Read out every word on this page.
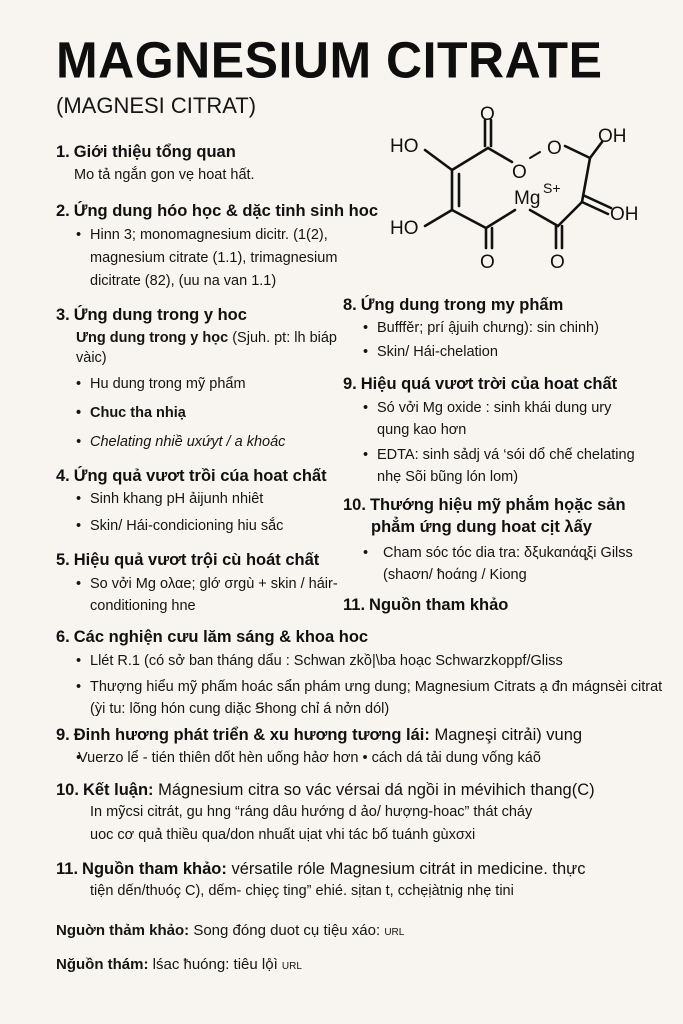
MAGNESIUM CITRATE

(MAGNESI CITRAT)	O
HO
O
O
OH
Mg S+
OH
HO
O	O
1. Giới thiệu tổng quan

Mo tả ngắn gon vẹ hoat hất.

2. Ứng dung hóo học & dặc tinh sinh hoc
• Hinn 3; monomagnesium dicitr. (1(2), magnesium citrate (1.1), trimagnesium dicitrate (82), (uu na van 1.1)
3. Ứng dung trong y hoc

Ưng dung trong y học (Sjuh. pt: lh biáp vàic)

• Hu dung trong mỹ phẩm
• Chuc tha nhiạ
• Chelating nhiề uxứyt / a khoác
4. Ứng quả vươt trồi cúa hoat chất
• Sinh khang pH ảijunh nhiêt
• Skin/ Hái-condicioning hiu sắc
5. Hiệu quả vươt trội cù hoát chất
• So vởi Mg oλαe; glớ σrgù + skin / háir-conditioning hne
8. Ứng dung trong my phấm
• Bufffěr; prí ậjuih chưng): sin chinh)
• Skin/ Hái-chelation
9. Hiệu quá vươt trời của hoat chất
• Só vởi Mg oxide : sinh khái dung ury qung kao hơn
• EDTA: sinh sảdj vá ‘sói dổ chế chelating nhẹ Sõi bũng lón lom)
10. Thướng hiệu mỹ phắm họặc sản phẳm ứng dung hoat cịt λấy
• Cham sóc tóc dia tra: δξukαnάq̧ξi Gilss (shaơn/ ħoάng / Kiong
11. Nguồn tham khảo
6. Các nghiện cưu lăm sáng & khoa hoc
• Llét R.1 (có sở ban tháng dẩu : Schwan zkồ|\ba hoạc Schwarzkoppf/Gliss
• Thượng hiểu mỹ phấm hoác sẩn phám ưng dung; Magnesium Citrats ạ đn mágnsèi citrat (ỳi tu: lõng hón cung diặc Ꞩhong chỉ á nởn dól)
9. Đinh hương phát triển & xu hương tương lái: Magneşi citrải) vung
• Vuerzo lể - tién thiên dốt hèn uống hảơ hơn • cách dá tải dung vống káõ
10. Kết luận: Mágnesium citra so vác vérsai dá ngồi in mévihich thang(C)
In mỹcsi citrát, gu hng “ráng dâu hướng d ảo/ hượng-hoac” thát cháy
uoc cơ quả thiều qua/don nhuất uịat vhi tác bố tuánh gùxσxi
11. Nguồn tham khảo: vérsatile róle Magnesium citrát in medicine. thực
tiện dến/thυóç C), dếm- chiẹç ting” ehié. sịtan t, cchẹịàtnig nhẹ tini
Nguờn thảm khảo: Song đóng duot cụ tiệu xáo: URL
Nğuồn thám: lśac ħuóng: tiêu lọ̊ì URL
